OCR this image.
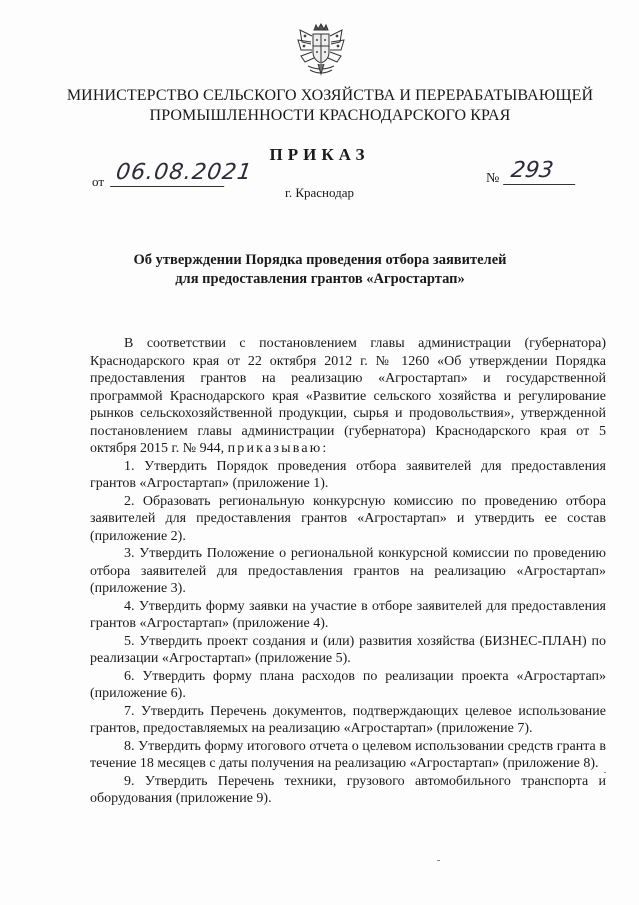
МИНИСТЕРСТВО СЕЛЬСКОГО ХОЗЯЙСТВА И ПЕРЕРАБАТЫВАЮЩЕЙ
ПРОМЫШЛЕННОСТИ КРАСНОДАРСКОГО КРАЯ
ПРИКАЗ
от 06.08.2021	№ 293
г. Краснодар
Об утверждении Порядка проведения отбора заявителей
для предоставления грантов «Агростартап»

В соответствии с постановлением главы администрации (губернатора) Краснодарского края от 22 октября 2012 г. № 1260 «Об утверждении Порядка предоставления грантов на реализацию «Агростартап» и государственной программой Краснодарского края «Развитие сельского хозяйства и регулирование рынков сельскохозяйственной продукции, сырья и продовольствия», утвержденной постановлением главы администрации (губернатора) Краснодарского края от 5 октября 2015 г. № 944, приказываю:

1. Утвердить Порядок проведения отбора заявителей для предоставления грантов «Агростартап» (приложение 1).

2. Образовать региональную конкурсную комиссию по проведению отбора заявителей для предоставления грантов «Агростартап» и утвердить ее состав (приложение 2).

3. Утвердить Положение о региональной конкурсной комиссии по проведению отбора заявителей для предоставления грантов на реализацию «Агростартап» (приложение 3).

4. Утвердить форму заявки на участие в отборе заявителей для предоставления грантов «Агростартап» (приложение 4).

5. Утвердить проект создания и (или) развития хозяйства (БИЗНЕС-ПЛАН) по реализации «Агростартап» (приложение 5).

6. Утвердить форму плана расходов по реализации проекта «Агростартап» (приложение 6).

7. Утвердить Перечень документов, подтверждающих целевое использование грантов, предоставляемых на реализацию «Агростартап» (приложение 7).

8. Утвердить форму итогового отчета о целевом использовании средств гранта в течение 18 месяцев с даты получения на реализацию «Агростартап» (приложение 8).

9. Утвердить Перечень техники, грузового автомобильного транспорта и оборудования (приложение 9).
